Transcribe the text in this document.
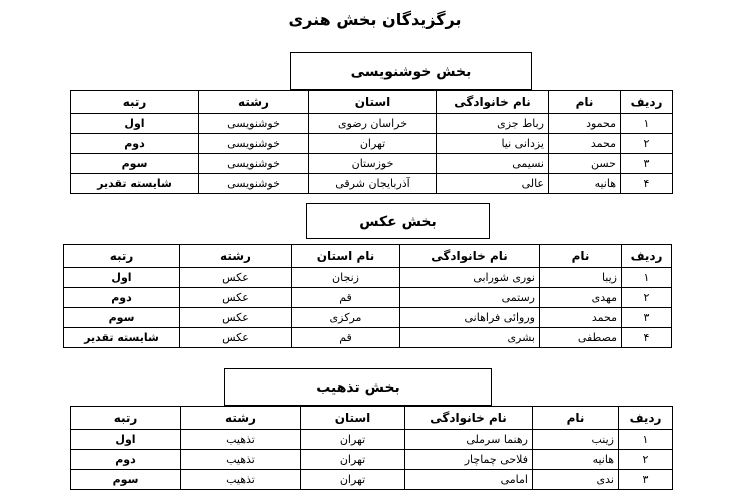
برگزیدگان بخش هنری
بخش خوشنویسی
ردیف	نام	نام خانوادگی	استان	رشته	رتبه
۱	محمود	رباط جزی	خراسان رضوی	خوشنویسی	اول
۲	محمد	یزدانی نیا	تهران	خوشنویسی	دوم
۳	حسن	نسیمی	خوزستان	خوشنویسی	سوم
۴	هانیه	عالی	آذربایجان شرقی	خوشنویسی	شایسته تقدیر
بخش عکس
ردیف	نام	نام خانوادگی	نام استان	رشته	رتبه
۱	زیبا	نوری شورابی	زنجان	عکس	اول
۲	مهدی	رستمی	قم	عکس	دوم
۳	محمد	وروائی فراهانی	مرکزی	عکس	سوم
۴	مصطفی	بشری	قم	عکس	شایسته تقدیر
بخش تذهیب
ردیف	نام	نام خانوادگی	استان	رشته	رتبه
۱	زینب	رهنما سرملی	تهران	تذهیب	اول
۲	هانیه	فلاحی چماچار	تهران	تذهیب	دوم
۳	ندی	امامی	تهران	تذهیب	سوم
